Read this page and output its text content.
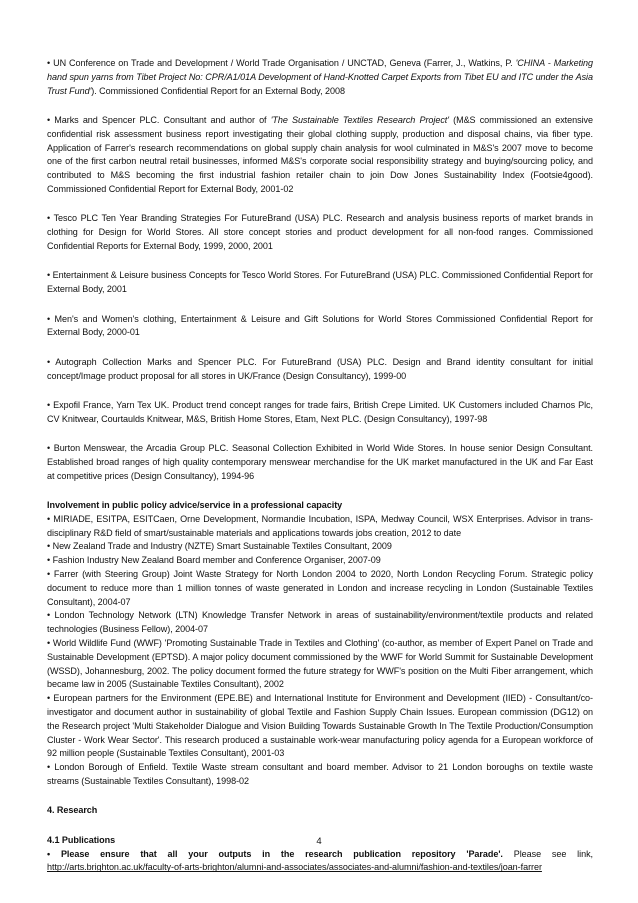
• UN Conference on Trade and Development / World Trade Organisation / UNCTAD, Geneva (Farrer, J., Watkins, P. 'CHINA - Marketing hand spun yarns from Tibet Project No: CPR/A1/01A Development of Hand-Knotted Carpet Exports from Tibet EU and ITC under the Asia Trust Fund'). Commissioned Confidential Report for an External Body, 2008

• Marks and Spencer PLC. Consultant and author of 'The Sustainable Textiles Research Project' (M&S commissioned an extensive confidential risk assessment business report investigating their global clothing supply, production and disposal chains, via fiber type. Application of Farrer's research recommendations on global supply chain analysis for wool culminated in M&S's 2007 move to become one of the first carbon neutral retail businesses, informed M&S's corporate social responsibility strategy and buying/sourcing policy, and contributed to M&S becoming the first industrial fashion retailer chain to join Dow Jones Sustainability Index (Footsie4good). Commissioned Confidential Report for External Body, 2001-02

• Tesco PLC Ten Year Branding Strategies For FutureBrand (USA) PLC. Research and analysis business reports of market brands in clothing for Design for World Stores. All store concept stories and product development for all non-food ranges. Commissioned Confidential Reports for External Body, 1999, 2000, 2001

• Entertainment & Leisure business Concepts for Tesco World Stores. For FutureBrand (USA) PLC. Commissioned Confidential Report for External Body, 2001

• Men's and Women's clothing, Entertainment & Leisure and Gift Solutions for World Stores Commissioned Confidential Report for External Body, 2000-01

• Autograph Collection Marks and Spencer PLC. For FutureBrand (USA) PLC. Design and Brand identity consultant for initial concept/Image product proposal for all stores in UK/France (Design Consultancy), 1999-00

• Expofil France, Yarn Tex UK. Product trend concept ranges for trade fairs, British Crepe Limited. UK Customers included Charnos Plc, CV Knitwear, Courtaulds Knitwear, M&S, British Home Stores, Etam, Next PLC. (Design Consultancy), 1997-98

• Burton Menswear, the Arcadia Group PLC. Seasonal Collection Exhibited in World Wide Stores. In house senior Design Consultant. Established broad ranges of high quality contemporary menswear merchandise for the UK market manufactured in the UK and Far East at competitive prices (Design Consultancy), 1994-96

Involvement in public policy advice/service in a professional capacity

• MIRIADE, ESITPA, ESITCaen, Orne Development, Normandie Incubation, ISPA, Medway Council, WSX Enterprises. Advisor in trans-disciplinary R&D field of smart/sustainable materials and applications towards jobs creation, 2012 to date

• New Zealand Trade and Industry (NZTE) Smart Sustainable Textiles Consultant, 2009

• Fashion Industry New Zealand Board member and Conference Organiser, 2007-09

• Farrer (with Steering Group) Joint Waste Strategy for North London 2004 to 2020, North London Recycling Forum. Strategic policy document to reduce more than 1 million tonnes of waste generated in London and increase recycling in London (Sustainable Textiles Consultant), 2004-07

• London Technology Network (LTN) Knowledge Transfer Network in areas of sustainability/environment/textile products and related technologies (Business Fellow), 2004-07

• World Wildlife Fund (WWF) 'Promoting Sustainable Trade in Textiles and Clothing' (co-author, as member of Expert Panel on Trade and Sustainable Development (EPTSD). A major policy document commissioned by the WWF for World Summit for Sustainable Development (WSSD), Johannesburg, 2002. The policy document formed the future strategy for WWF's position on the Multi Fiber arrangement, which became law in 2005 (Sustainable Textiles Consultant), 2002

• European partners for the Environment (EPE.BE) and International Institute for Environment and Development (IIED) - Consultant/co-investigator and document author in sustainability of global Textile and Fashion Supply Chain Issues. European commission (DG12) on the Research project 'Multi Stakeholder Dialogue and Vision Building Towards Sustainable Growth In The Textile Production/Consumption Cluster - Work Wear Sector'. This research produced a sustainable work-wear manufacturing policy agenda for a European workforce of 92 million people (Sustainable Textiles Consultant), 2001-03

• London Borough of Enfield. Textile Waste stream consultant and board member. Advisor to 21 London boroughs on textile waste streams (Sustainable Textiles Consultant), 1998-02

4. Research

4.1 Publications

• Please ensure that all your outputs in the research publication repository 'Parade'. Please see link, http://arts.brighton.ac.uk/faculty-of-arts-brighton/alumni-and-associates/associates-and-alumni/fashion-and-textiles/joan-farrer

4
